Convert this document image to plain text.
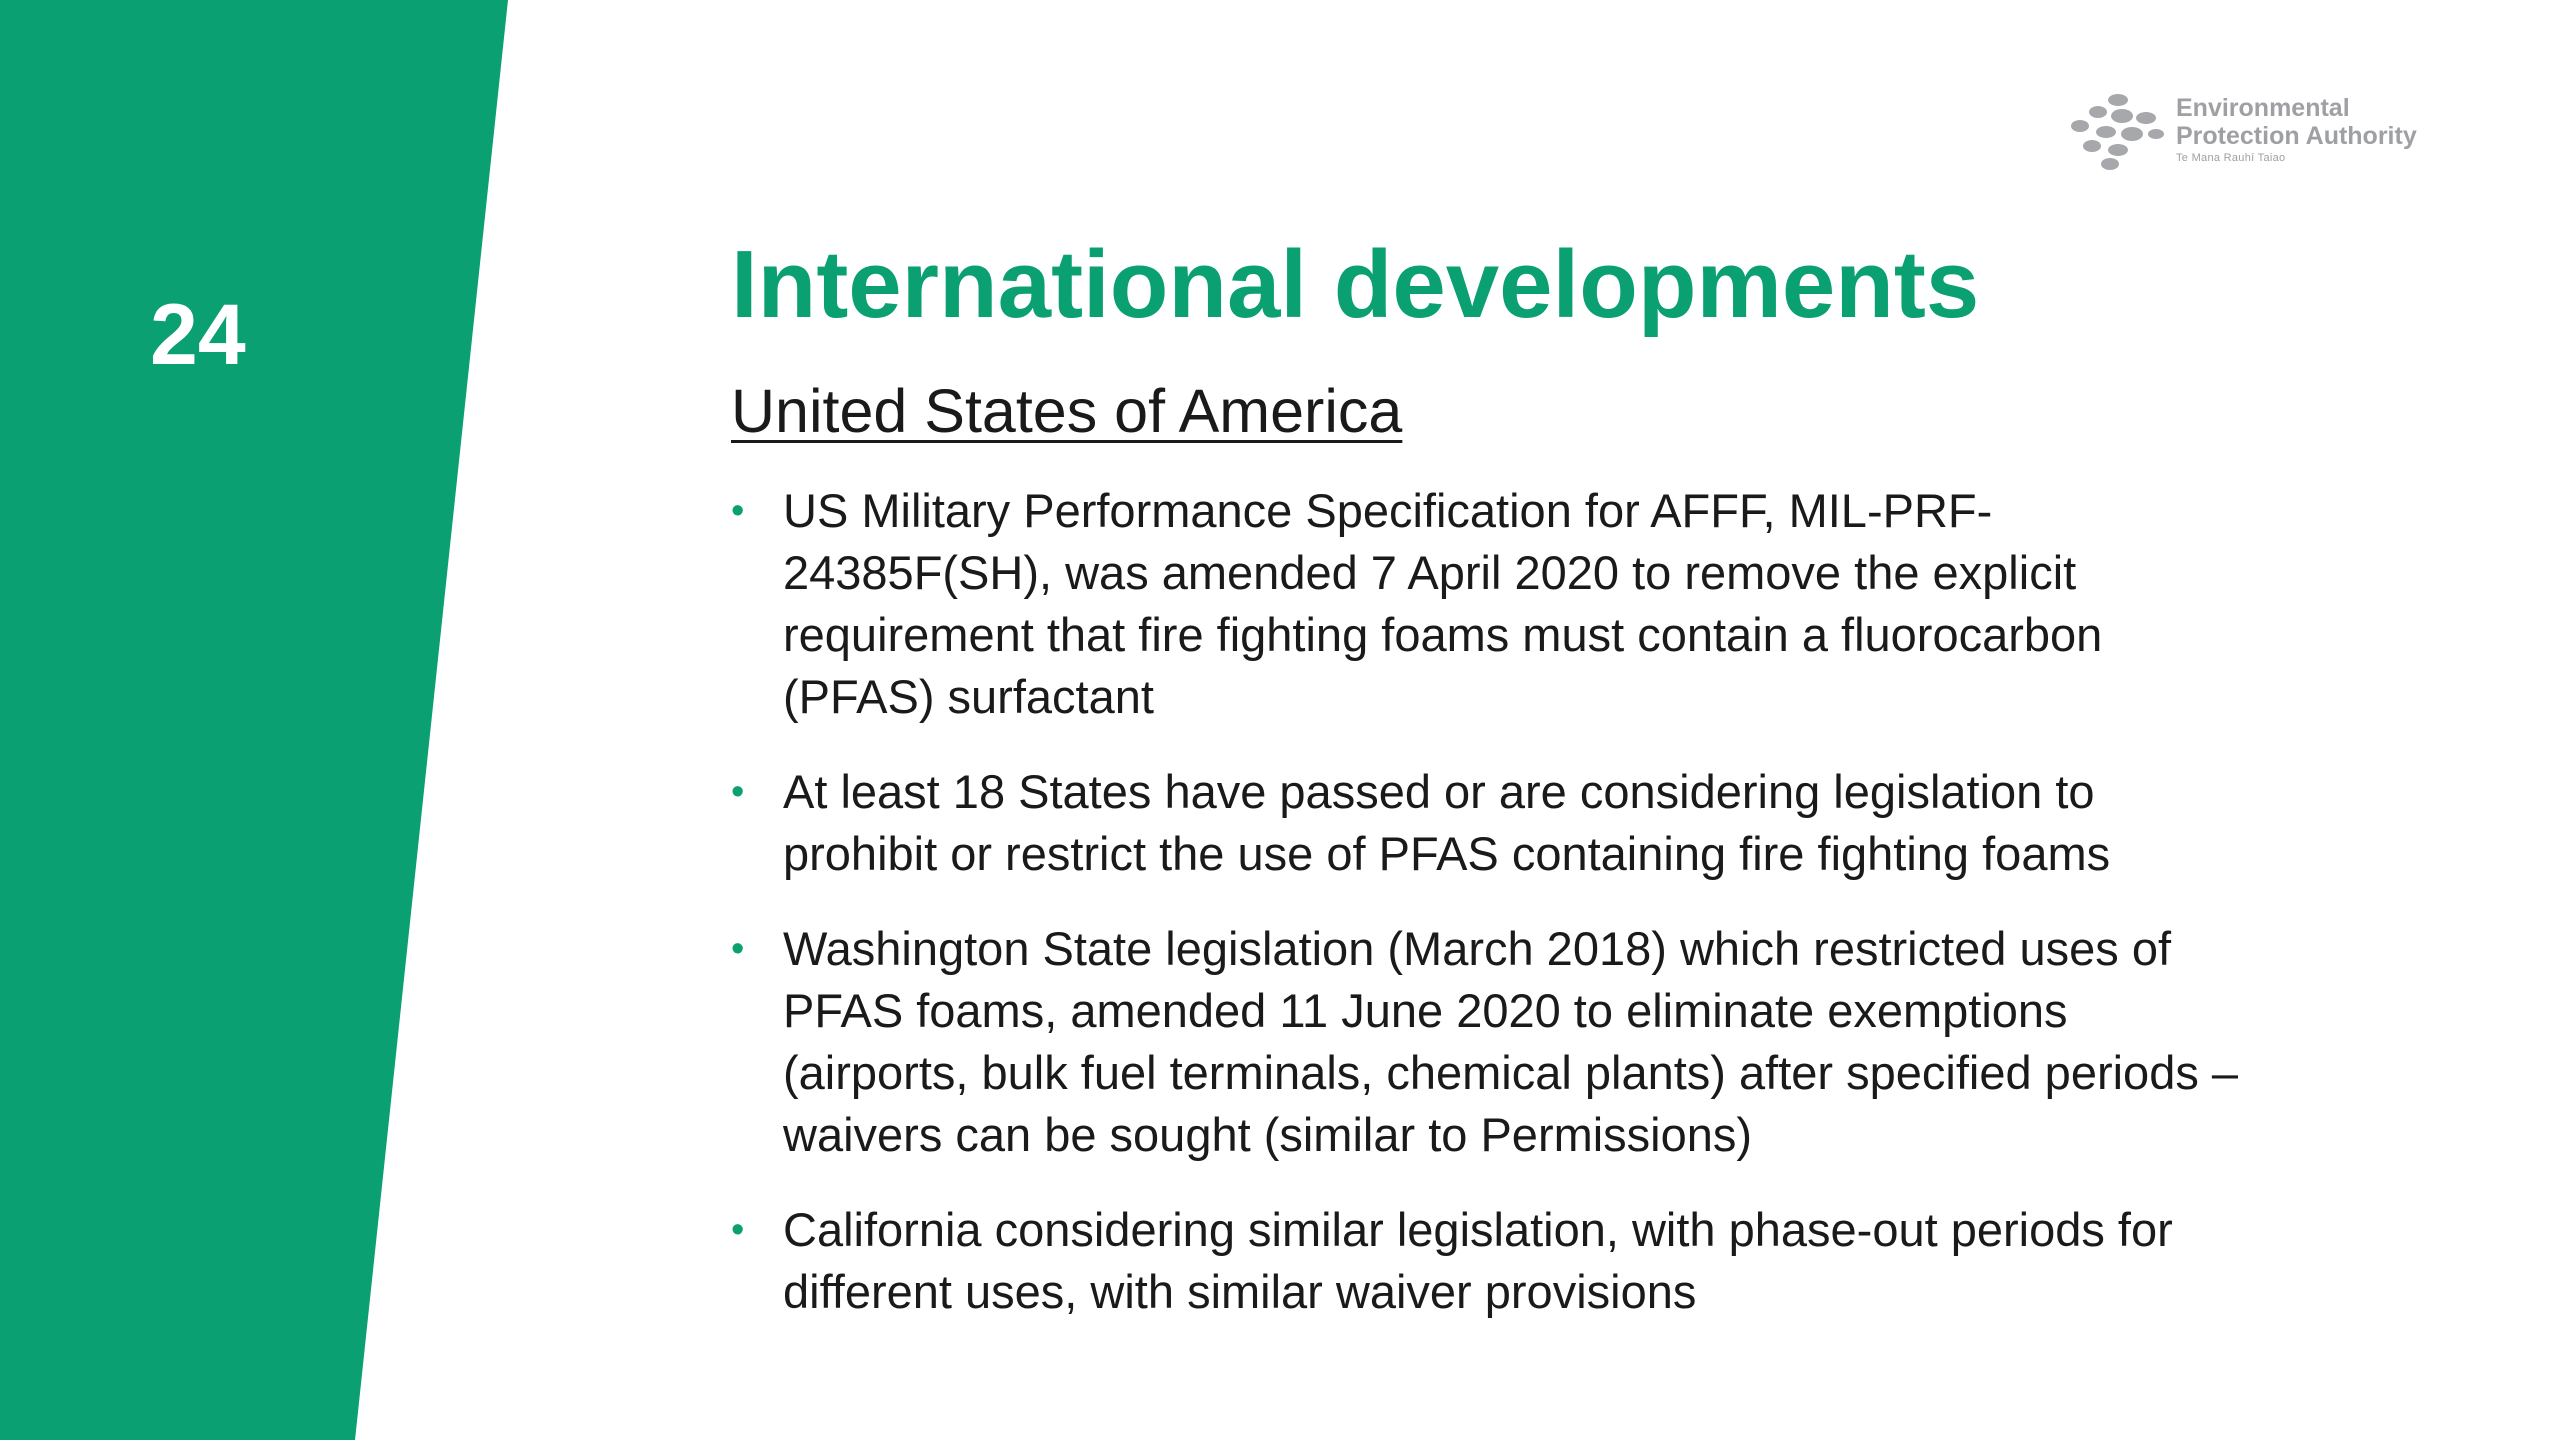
24
Environmental
Protection Authority
Te Mana Rauhī Taiao
International developments
United States of America
• US Military Performance Specification for AFFF, MIL-PRF-24385F(SH), was amended 7 April 2020 to remove the explicit requirement that fire fighting foams must contain a fluorocarbon (PFAS) surfactant
• At least 18 States have passed or are considering legislation to prohibit or restrict the use of PFAS containing fire fighting foams
• Washington State legislation (March 2018) which restricted uses of PFAS foams, amended 11 June 2020 to eliminate exemptions (airports, bulk fuel terminals, chemical plants) after specified periods – waivers can be sought (similar to Permissions)
• California considering similar legislation, with phase-out periods for different uses, with similar waiver provisions
